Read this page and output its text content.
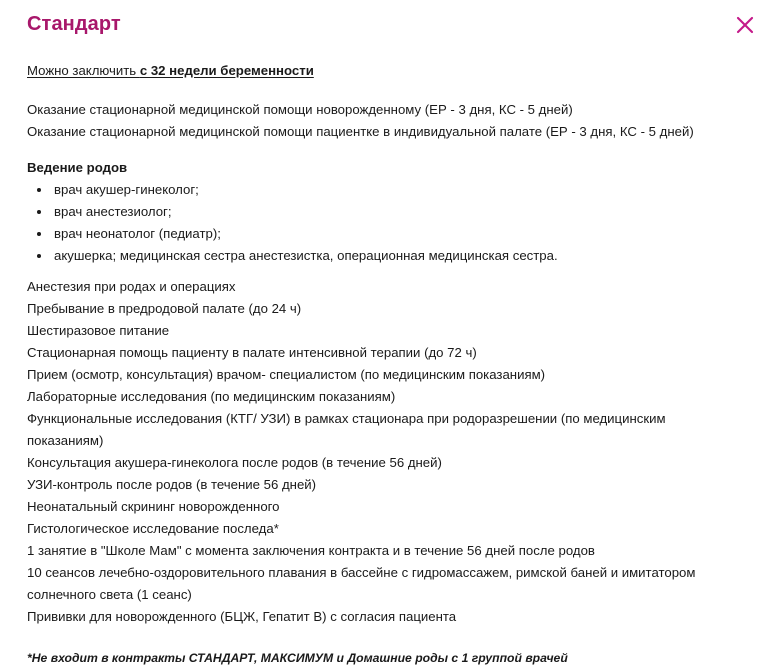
Стандарт
Можно заключить с 32 недели беременности

Оказание стационарной медицинской помощи новорожденному (ЕР - 3 дня, КС - 5 дней)

Оказание стационарной медицинской помощи пациентке в индивидуальной палате (ЕР - 3 дня, КС - 5 дней)

Ведение родов

врач акушер-гинеколог;
врач анестезиолог;
врач неонатолог (педиатр);
акушерка; медицинская сестра анестезистка, операционная медицинская сестра.

Анестезия при родах и операциях

Пребывание в предродовой палате (до 24 ч)

Шестиразовое питание

Стационарная помощь пациенту в палате интенсивной терапии (до 72 ч)

Прием (осмотр, консультация) врачом- специалистом (по медицинским показаниям)

Лабораторные исследования (по медицинским показаниям)

Функциональные исследования (КТГ/ УЗИ) в рамках стационара при родоразрешении (по медицинским показаниям)

Консультация акушера-гинеколога после родов (в течение 56 дней)

УЗИ-контроль после родов (в течение 56 дней)

Неонатальный скрининг новорожденного

Гистологическое исследование последа*

1 занятие в "Школе Мам" с момента заключения контракта и в течение 56 дней после родов

10 сеансов лечебно-оздоровительного плавания в бассейне с гидромассажем, римской баней и имитатором солнечного света (1 сеанс)

Прививки для новорожденного (БЦЖ, Гепатит В) с согласия пациента

*Не входит в контракты СТАНДАРТ, МАКСИМУМ и Домашние роды с 1 группой врачей
